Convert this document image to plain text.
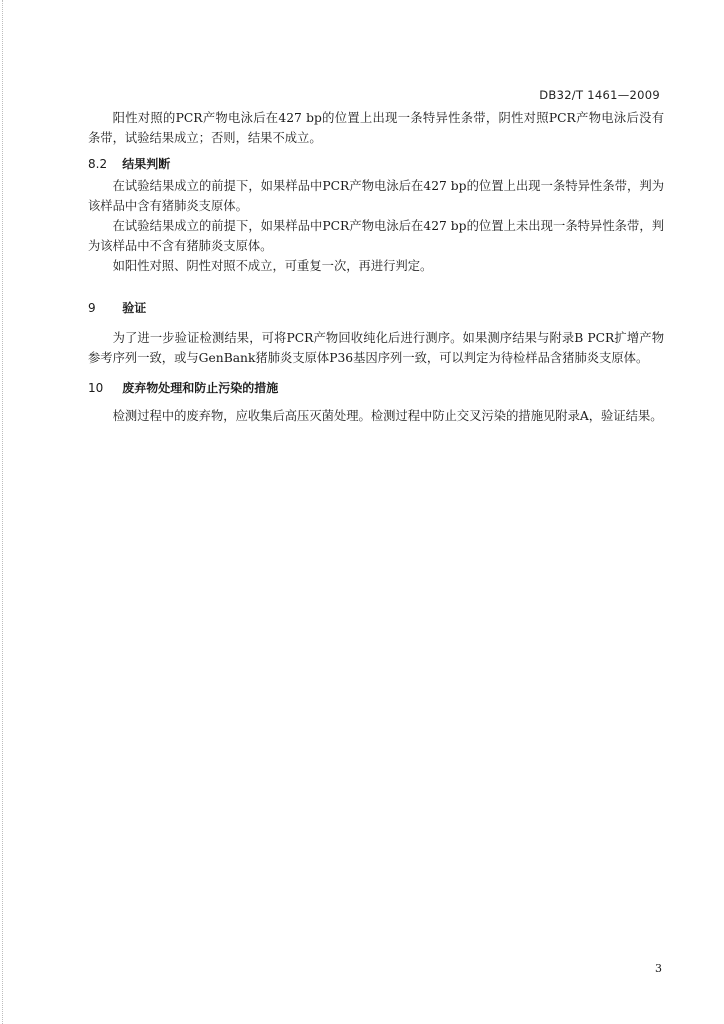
DB32/T 1461—2009

阳性对照的PCR产物电泳后在427 bp的位置上出现一条特异性条带，阴性对照PCR产物电泳后没有条带，试验结果成立；否则，结果不成立。

8.2 结果判断

在试验结果成立的前提下，如果样品中PCR产物电泳后在427 bp的位置上出现一条特异性条带，判为该样品中含有猪肺炎支原体。

在试验结果成立的前提下，如果样品中PCR产物电泳后在427 bp的位置上未出现一条特异性条带，判为该样品中不含有猪肺炎支原体。

如阳性对照、阴性对照不成立，可重复一次，再进行判定。

9 验证

为了进一步验证检测结果，可将PCR产物回收纯化后进行测序。如果测序结果与附录B PCR扩增产物参考序列一致，或与GenBank猪肺炎支原体P36基因序列一致，可以判定为待检样品含猪肺炎支原体。

10 废弃物处理和防止污染的措施

检测过程中的废弃物，应收集后高压灭菌处理。检测过程中防止交叉污染的措施见附录A，验证结果。

3
